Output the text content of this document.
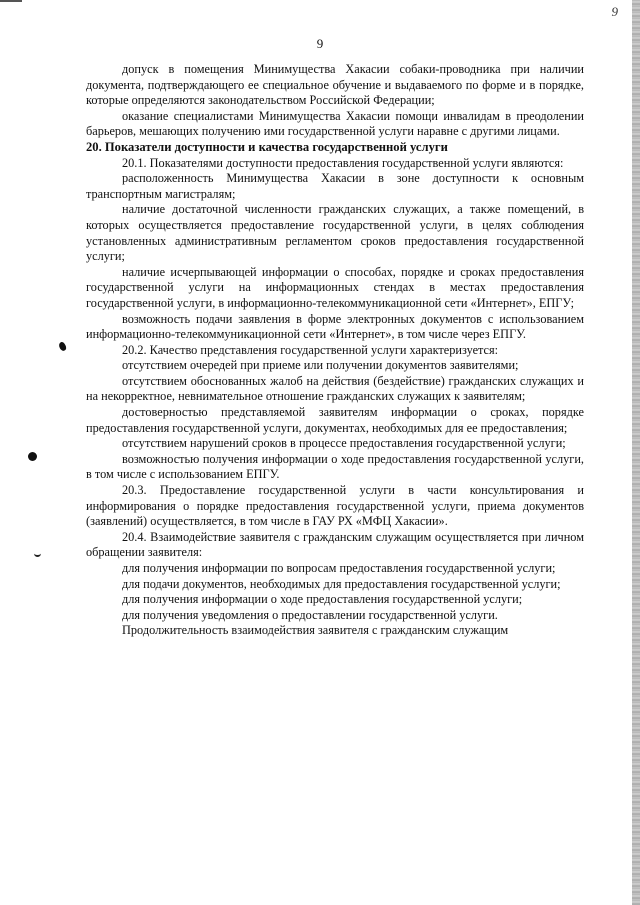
9
9

допуск в помещения Минимущества Хакасии собаки-проводника при наличии документа, подтверждающего ее специальное обучение и выдаваемого по форме и в порядке, которые определяются законодательством Российской Федерации;

оказание специалистами Минимущества Хакасии помощи инвалидам в преодолении барьеров, мешающих получению ими государственной услуги наравне с другими лицами.

20. Показатели доступности и качества государственной услуги

20.1. Показателями доступности предоставления государственной услуги являются:

расположенность Минимущества Хакасии в зоне доступности к основным транспортным магистралям;

наличие достаточной численности гражданских служащих, а также помещений, в которых осуществляется предоставление государственной услуги, в целях соблюдения установленных административным регламентом сроков предоставления государственной услуги;

наличие исчерпывающей информации о способах, порядке и сроках предоставления государственной услуги на информационных стендах в местах предоставления государственной услуги, в информационно-телекоммуникационной сети «Интернет», ЕПГУ;

возможность подачи заявления в форме электронных документов с использованием информационно-телекоммуникационной сети «Интернет», в том числе через ЕПГУ.

20.2. Качество представления государственной услуги характеризуется:

отсутствием очередей при приеме или получении документов заявителями;

отсутствием обоснованных жалоб на действия (бездействие) гражданских служащих и на некорректное, невнимательное отношение гражданских служащих к заявителям;

достоверностью представляемой заявителям информации о сроках, порядке предоставления государственной услуги, документах, необходимых для ее предоставления;

отсутствием нарушений сроков в процессе предоставления государственной услуги;

возможностью получения информации о ходе предоставления государственной услуги, в том числе с использованием ЕПГУ.

20.3. Предоставление государственной услуги в части консультирования и информирования о порядке предоставления государственной услуги, приема документов (заявлений) осуществляется, в том числе в ГАУ РХ «МФЦ Хакасии».

20.4. Взаимодействие заявителя с гражданским служащим осуществляется при личном обращении заявителя:

для получения информации по вопросам предоставления государственной услуги;

для подачи документов, необходимых для предоставления государственной услуги;

для получения информации о ходе предоставления государственной услуги;

для получения уведомления о предоставлении государственной услуги.

Продолжительность взаимодействия заявителя с гражданским служащим
